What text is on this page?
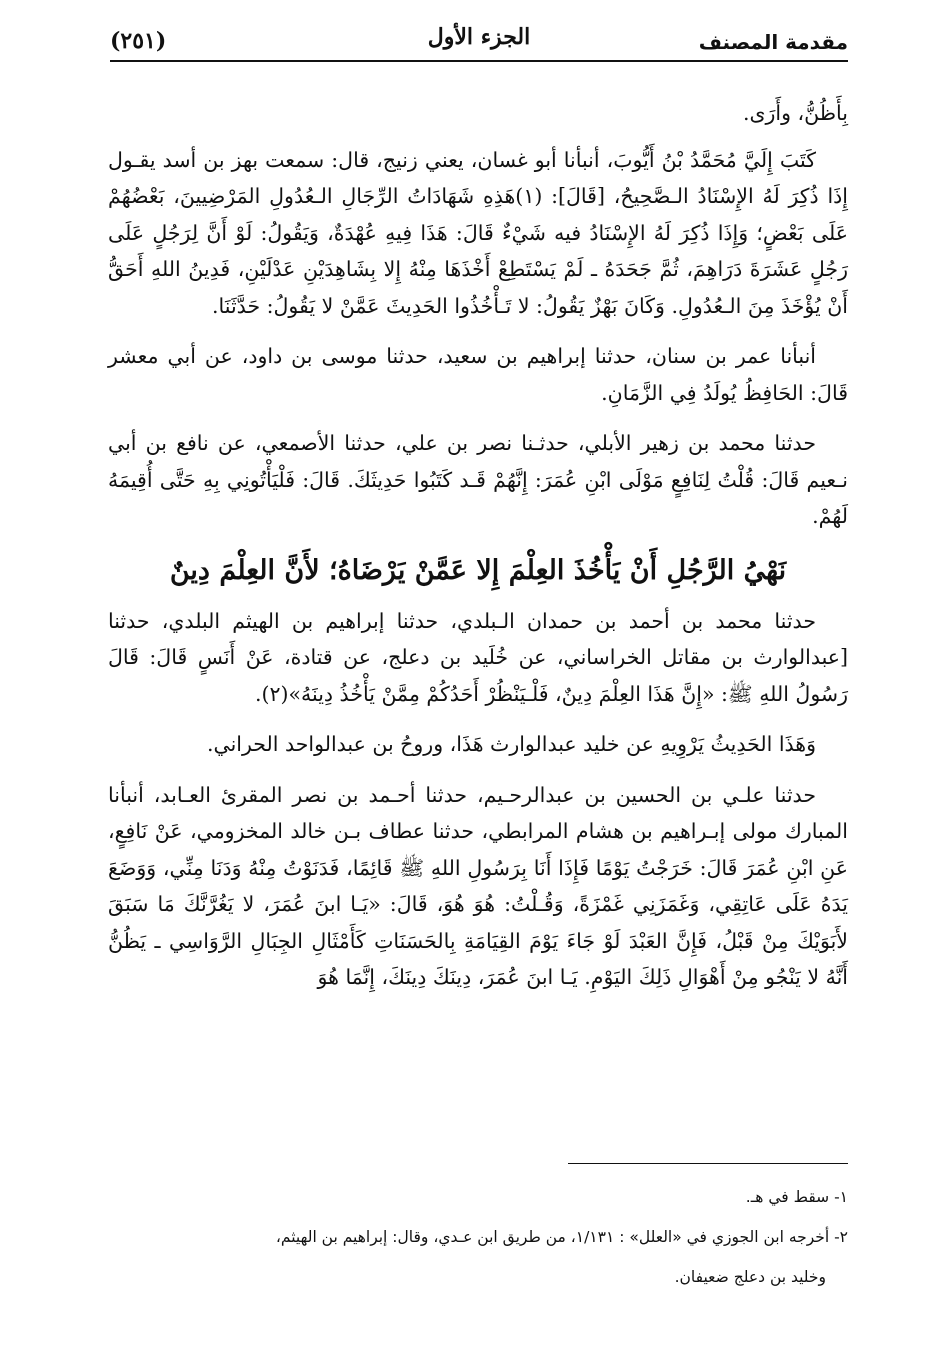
مقدمة المصنف
الجزء الأول
(٢٥١)

بِأَظُنُّ، وأَرَى.

كَتَبَ إِلَيَّ مُحَمَّدُ بْنُ أَيُّوبَ، أنبأنا أبو غسان، يعني زنيج، قال: سمعت بهز بن أسد يقـول إِذَا ذُكِرَ لَهُ الإِسْنَادُ الـصَّحِيحُ، [قَالَ]: (١)هَذِهِ شَهَادَاتُ الرِّجَالِ الـعُدُولِ المَرْضِيينَ، بَعْضُهُمْ عَلَى بَعْضٍ؛ وَإِذَا ذُكِرَ لَهُ الإِسْنَادُ فيه شَيْءٌ قَالَ: هَذَا فِيهِ عُهْدَةٌ، وَيَقُولُ: لَوْ أَنَّ لِرَجُلٍ عَلَى رَجُلٍ عَشَرَةَ دَرَاهِمَ، ثُمَّ جَحَدَهُ ـ لَمْ يَسْتَطِعْ أَخْذَهَا مِنْهُ إِلا بِشَاهِدَيْنِ عَدْلَيْنِ، فَدِينُ اللهِ أَحَقُّ أَنْ يُؤْخَذَ مِنَ الـعُدُولِ. وَكَانَ بَهْزٌ يَقُولُ: لا تَـأْخُذُوا الحَدِيثَ عَمَّنْ لا يَقُولُ: حَدَّثَنَا.

أنبأنا عمر بن سنان، حدثنا إبراهيم بن سعيد، حدثنا موسى بن داود، عن أبي معشر قَالَ: الحَافِظُ يُولَدُ فِي الزَّمَانِ.

حدثنا محمد بن زهير الأبلي، حدثـنا نصر بن علي، حدثنا الأصمعي، عن نافع بن أبي نـعيم قَالَ: قُلْتُ لِنَافِعٍ مَوْلَى ابْنِ عُمَرَ: إِنَّهُمْ قَـد كَتَبُوا حَدِيثَكَ. قَالَ: فَلْيَأْتُونِي بِهِ حَتَّى أُقِيمَهُ لَهُمْ.

نَهْيُ الرَّجُلِ أَنْ يَأْخُذَ العِلْمَ إِلا عَمَّنْ يَرْضَاهُ؛ لأَنَّ العِلْمَ دِينٌ

حدثنا محمد بن أحمد بن حمدان الـبلدي، حدثنا إبراهيم بن الهيثم البلدي، حدثنا [عبدالوارث بن مقاتل الخراساني، عن خُلَيد بن دعلج، عن قتادة، عَنْ أَنَسٍ قَالَ: قَالَ رَسُولُ اللهِ ﷺ: «إِنَّ هَذَا العِلْمَ دِينٌ، فَلْـيَنْظُرْ أَحَدُكُمْ مِمَّنْ يَأْخُذُ دِينَهُ»(٢).

وَهَذَا الحَدِيثُ يَرْوِيهِ عن خليد عبدالوارث هَذَا، وروحُ بن عبدالواحد الحراني.

حدثنا علـي بن الحسين بن عبدالرحـيم، حدثنا أحـمد بن نصر المقرئ العـابد، أنبأنا المبارك مولى إبـراهيم بن هشام المرابطي، حدثنا عطاف بـن خالد المخزومي، عَنْ نَافِعٍ، عَنِ ابْنِ عُمَرَ قَالَ: خَرَجْتُ يَوْمًا فَإِذَا أَنَا بِرَسُولِ اللهِ ﷺ قَائِمًا، فَدَنَوْتُ مِنْهُ وَدَنَا مِنِّي، وَوَضَعَ يَدَهُ عَلَى عَاتِقِي، وَغَمَزَنِي غَمْزَةً، وَقُـلْتُ: هُوَ هُوَ، قَالَ: «يَـا ابنَ عُمَرَ، لا يَغُرَّنَّكَ مَا سَبَقَ لأَبَوَيْكَ مِنْ قَبْلُ، فَإِنَّ العَبْدَ لَوْ جَاءَ يَوْمَ القِيَامَةِ بِالحَسَنَاتِ كَأَمْثَالِ الجِبَالِ الرَّوَاسِي ـ يَظُنُّ أَنَّهُ لا يَنْجُو مِنْ أَهْوَالِ ذَلِكَ اليَوْمِ. يَـا ابنَ عُمَرَ، دِينَكَ دِينَكَ، إِنَّمَا هُوَ

١- سقط في هـ.

٢- أخرجه ابن الجوزي في «العلل» : ١/١٣١، من طريق ابن عـدي، وقال: إبراهيم بن الهيثم،

وخليد بن دعلج ضعيفان.
